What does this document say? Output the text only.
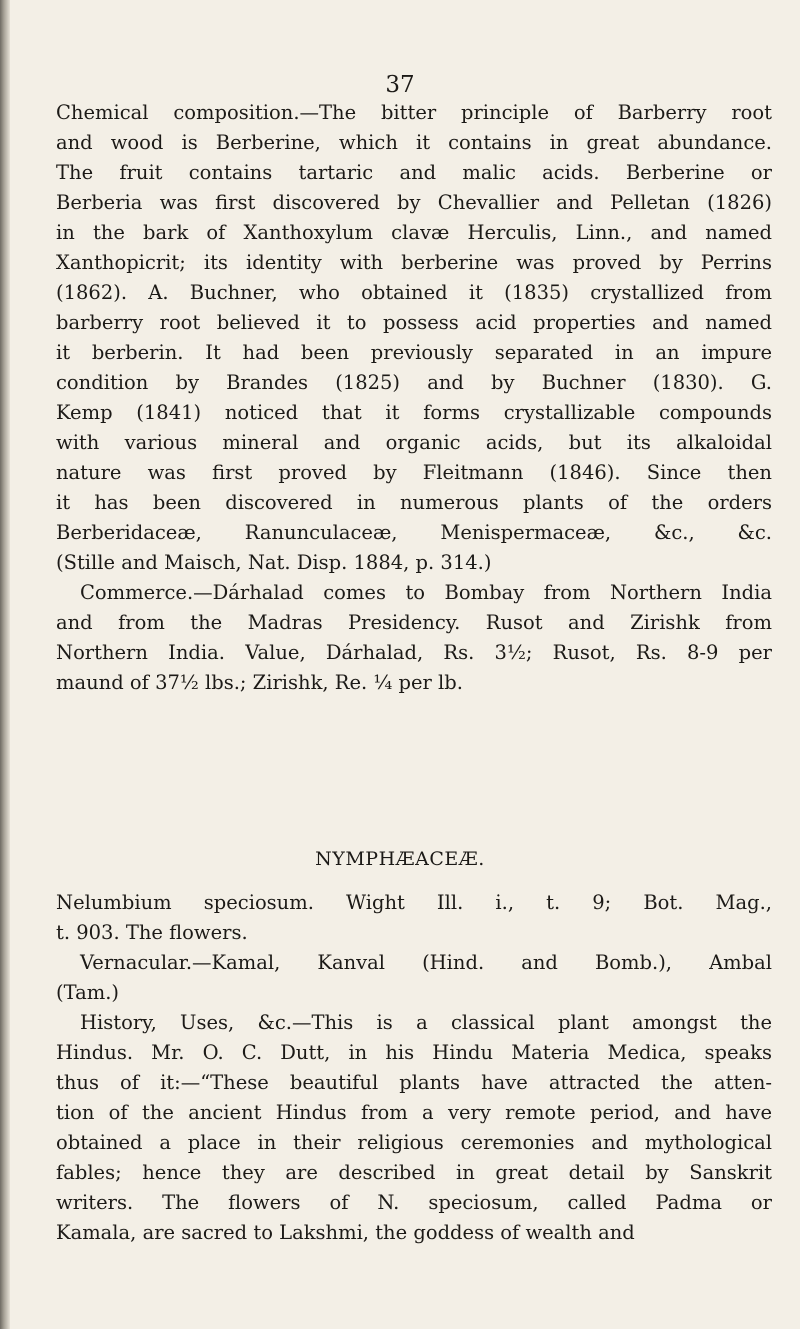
37
Chemical composition.—The bitter principle of Barberry root
and wood is Berberine, which it contains in great abundance.
The fruit contains tartaric and malic acids. Berberine or
Berberia was first discovered by Chevallier and Pelletan (1826)
in the bark of Xanthoxylum clavæ Herculis, Linn., and named
Xanthopicrit; its identity with berberine was proved by Perrins
(1862). A. Buchner, who obtained it (1835) crystallized from
barberry root believed it to possess acid properties and named
it berberin. It had been previously separated in an impure
condition by Brandes (1825) and by Buchner (1830). G.
Kemp (1841) noticed that it forms crystallizable compounds
with various mineral and organic acids, but its alkaloidal
nature was first proved by Fleitmann (1846). Since then
it has been discovered in numerous plants of the orders
Berberidaceæ, Ranunculaceæ, Menispermaceæ, &c., &c.
(Stille and Maisch, Nat. Disp. 1884, p. 314.)
Commerce.—Dárhalad comes to Bombay from Northern India
and from the Madras Presidency. Rusot and Zirishk from
Northern India. Value, Dárhalad, Rs. 3½; Rusot, Rs. 8-9 per
maund of 37½ lbs.; Zirishk, Re. ¼ per lb.
NYMPHÆACEÆ.
Nelumbium speciosum. Wight Ill. i., t. 9; Bot. Mag.,
t. 903. The flowers.
Vernacular.—Kamal, Kanval (Hind. and Bomb.), Ambal
(Tam.)
History, Uses, &c.—This is a classical plant amongst the
Hindus. Mr. O. C. Dutt, in his Hindu Materia Medica, speaks
thus of it:—“These beautiful plants have attracted the atten-
tion of the ancient Hindus from a very remote period, and have
obtained a place in their religious ceremonies and mythological
fables; hence they are described in great detail by Sanskrit
writers. The flowers of N. speciosum, called Padma or
Kamala, are sacred to Lakshmi, the goddess of wealth and
